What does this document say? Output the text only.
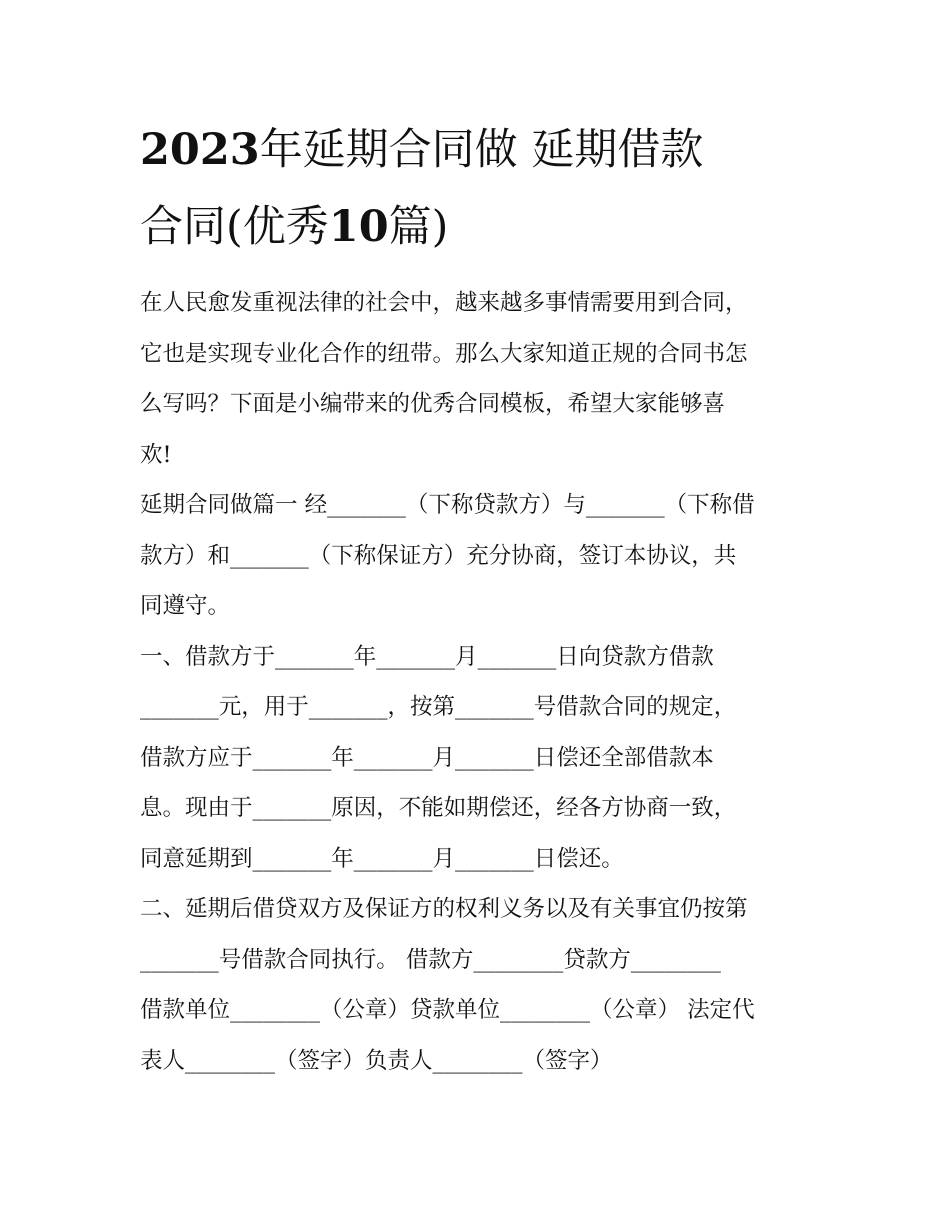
2023年延期合同做 延期借款
合同(优秀10篇)
在人民愈发重视法律的社会中，越来越多事情需要用到合同，
它也是实现专业化合作的纽带。那么大家知道正规的合同书怎
么写吗？下面是小编带来的优秀合同模板，希望大家能够喜
欢!
延期合同做篇一 经_______（下称贷款方）与_______（下称借
款方）和_______（下称保证方）充分协商，签订本协议，共
同遵守。
一、借款方于_______年_______月_______日向贷款方借款
_______元，用于_______，按第_______号借款合同的规定，
借款方应于_______年_______月_______日偿还全部借款本
息。现由于_______原因，不能如期偿还，经各方协商一致，
同意延期到_______年_______月_______日偿还。
二、延期后借贷双方及保证方的权利义务以及有关事宜仍按第
_______号借款合同执行。 借款方________贷款方________
借款单位________（公章）贷款单位________（公章） 法定代
表人________（签字）负责人________（签字）
